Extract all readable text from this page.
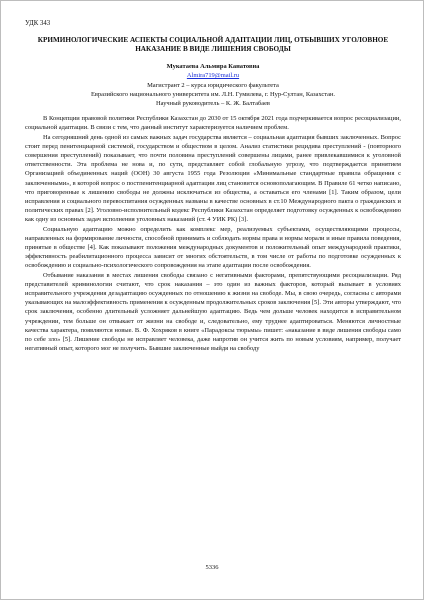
УДК 343
КРИМИНОЛОГИЧЕСКИЕ АСПЕКТЫ СОЦИАЛЬНОЙ АДАПТАЦИИ ЛИЦ, ОТБЫВШИХ УГОЛОВНОЕ НАКАЗАНИЕ В ВИДЕ ЛИШЕНИЯ СВОБОДЫ
Мукатаева Альмира Канатовна
Almira719@mail.ru
Магистрант 2 – курса юридического факультета
Евразийского национального университета им. Л.Н. Гумилева, г. Нур-Султан, Казахстан.
Научный руководитель – К. Ж. Балтабаев

В Концепции правовой политики Республики Казахстан до 2030 от 15 октября 2021 года подчеркивается вопрос ресоциализации, социальной адаптации. В связи с тем, что данный институт характеризуется наличием проблем.

На сегодняшний день одной из самых важных задач государства является – социальная адаптация бывших заключенных. Вопрос стоит перед пенитенциарной системой, государством и обществом в целом. Анализ статистики рецидива преступлений - (повторного совершения преступлений) показывает, что почти половина преступлений совершены лицами, ранее привлекавшимися к уголовной ответственности. Эта проблема не нова и, по сути, представляет собой глобальную угрозу, что подтверждается принятием Организацией объединенных наций (ООН) 30 августа 1955 года Резолюции «Минимальные стандартные правила обращения с заключенными», в которой вопрос о постпенитенциарной адаптации лиц становится основополагающим. В Правиле 61 четко написано, что приговоренные к лишению свободы не должны исключаться из общества, а оставаться его членами [1]. Таким образом, цели исправления и социального перевоспитания осужденных названы в качестве основных в ст.10 Международного пакта о гражданских и политических правах [2]. Уголовно-исполнительный кодекс Республики Казахстан определяет подготовку осужденных к освобождению как одну из основных задач исполнения уголовных наказаний (ст. 4 УИК РК) [3].

Социальную адаптацию можно определить как комплекс мер, реализуемых субъектами, осуществляющими процессы, направленных на формирование личности, способной принимать и соблюдать нормы права и нормы морали и иные правила поведения, принятые в обществе [4]. Как показывают положения международных документов и положительный опыт международной практики, эффективность реабилитационного процесса зависит от многих обстоятельств, в том числе от работы по подготовке осужденных к освобождению и социально-психологического сопровождения на этапе адаптации после освобождения.

Отбывание наказания в местах лишения свободы связано с негативными факторами, препятствующими ресоциализации. Ряд представителей криминологии считают, что срок наказания – это один из важных факторов, который вызывает в условиях исправительного учреждения дезадаптацию осужденных по отношению к жизни на свободе. Мы, в свою очередь, согласны с авторами указывающих на малоэффективность применения к осужденным продолжительных сроков заключения [5]. Эти авторы утверждают, что срок заключения, особенно длительный усложняет дальнейшую адаптацию. Ведь чем дольше человек находится в исправительном учреждении, тем больше он отвыкает от жизни на свободе и, следовательно, ему труднее адаптироваться. Меняются личностные качества характера, появляются новые. В. Ф. Хохряков в книге «Парадоксы тюрьмы» пишет: «наказание в виде лишения свободы само по себе зло» [5]. Лишение свободы не исправляет человека, даже напротив он учится жить по новым условиям, например, получает негативный опыт, которого мог не получить. Бывшие заключенные выйдя на свободу

5336
